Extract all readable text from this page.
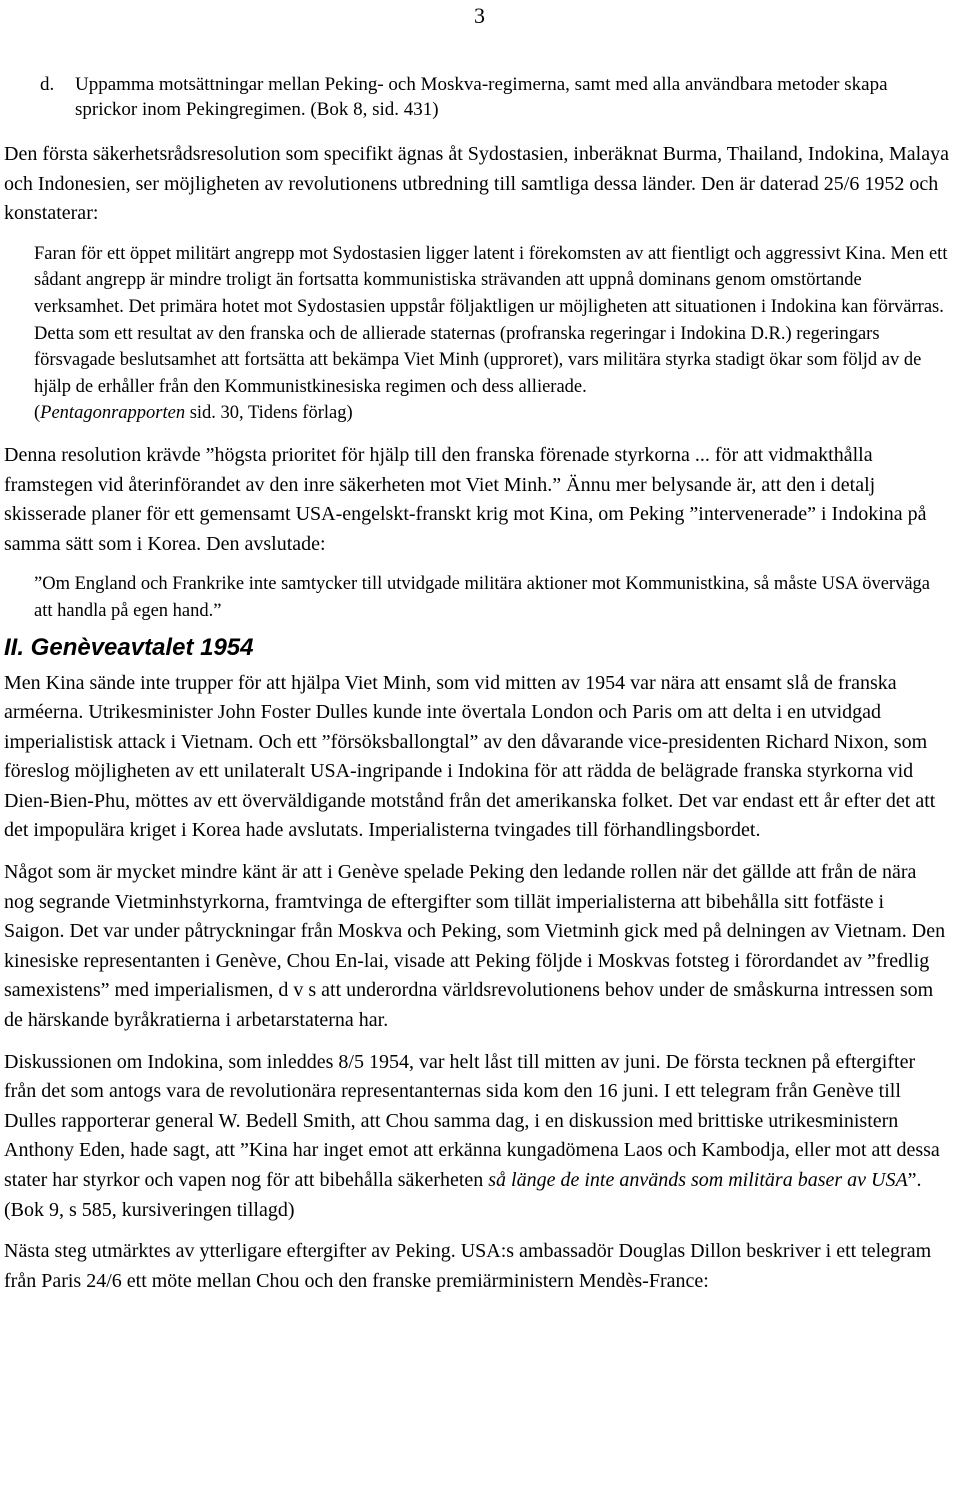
3
d. Uppamma motsättningar mellan Peking- och Moskva-regimerna, samt med alla användbara metoder skapa sprickor inom Pekingregimen. (Bok 8, sid. 431)

Den första säkerhetsrådsresolution som specifikt ägnas åt Sydostasien, inberäknat Burma, Thailand, Indokina, Malaya och Indonesien, ser möjligheten av revolutionens utbredning till samtliga dessa länder. Den är daterad 25/6 1952 och konstaterar:

Faran för ett öppet militärt angrepp mot Sydostasien ligger latent i förekomsten av att fientligt och aggressivt Kina. Men ett sådant angrepp är mindre troligt än fortsatta kommunistiska strävanden att uppnå dominans genom omstörtande verksamhet. Det primära hotet mot Sydostasien uppstår följaktligen ur möjligheten att situationen i Indokina kan förvärras. Detta som ett resultat av den franska och de allierade staternas (profranska regeringar i Indokina D.R.) regeringars försvagade beslutsamhet att fortsätta att bekämpa Viet Minh (upproret), vars militära styrka stadigt ökar som följd av de hjälp de erhåller från den Kommunistkinesiska regimen och dess allierade.
(Pentagonrapporten sid. 30, Tidens förlag)

Denna resolution krävde ”högsta prioritet för hjälp till den franska förenade styrkorna ... för att vidmakthålla framstegen vid återinförandet av den inre säkerheten mot Viet Minh.” Ännu mer belysande är, att den i detalj skisserade planer för ett gemensamt USA-engelskt-franskt krig mot Kina, om Peking ”intervenerade” i Indokina på samma sätt som i Korea. Den avslutade:

”Om England och Frankrike inte samtycker till utvidgade militära aktioner mot Kommunistkina, så måste USA överväga att handla på egen hand.”
II. Genèveavtalet 1954

Men Kina sände inte trupper för att hjälpa Viet Minh, som vid mitten av 1954 var nära att ensamt slå de franska arméerna. Utrikesminister John Foster Dulles kunde inte övertala London och Paris om att delta i en utvidgad imperialistisk attack i Vietnam. Och ett ”försöksballongtal” av den dåvarande vice-presidenten Richard Nixon, som föreslog möjligheten av ett unilateralt USA-ingripande i Indokina för att rädda de belägrade franska styrkorna vid Dien-Bien-Phu, möttes av ett överväldigande motstånd från det amerikanska folket. Det var endast ett år efter det att det impopulära kriget i Korea hade avslutats. Imperialisterna tvingades till förhandlingsbordet.

Något som är mycket mindre känt är att i Genève spelade Peking den ledande rollen när det gällde att från de nära nog segrande Vietminhstyrkorna, framtvinga de eftergifter som tillät imperialisterna att bibehålla sitt fotfäste i Saigon. Det var under påtryckningar från Moskva och Peking, som Vietminh gick med på delningen av Vietnam. Den kinesiske representanten i Genève, Chou En-lai, visade att Peking följde i Moskvas fotsteg i förordandet av ”fredlig samexistens” med imperialismen, d v s att underordna världsrevolutionens behov under de småskurna intressen som de härskande byråkratierna i arbetarstaterna har.

Diskussionen om Indokina, som inleddes 8/5 1954, var helt låst till mitten av juni. De första tecknen på eftergifter från det som antogs vara de revolutionära representanternas sida kom den 16 juni. I ett telegram från Genève till Dulles rapporterar general W. Bedell Smith, att Chou samma dag, i en diskussion med brittiske utrikesministern Anthony Eden, hade sagt, att ”Kina har inget emot att erkänna kungadömena Laos och Kambodja, eller mot att dessa stater har styrkor och vapen nog för att bibehålla säkerheten så länge de inte används som militära baser av USA”. (Bok 9, s 585, kursiveringen tillagd)

Nästa steg utmärktes av ytterligare eftergifter av Peking. USA:s ambassadör Douglas Dillon beskriver i ett telegram från Paris 24/6 ett möte mellan Chou och den franske premiärministern Mendès-France:
